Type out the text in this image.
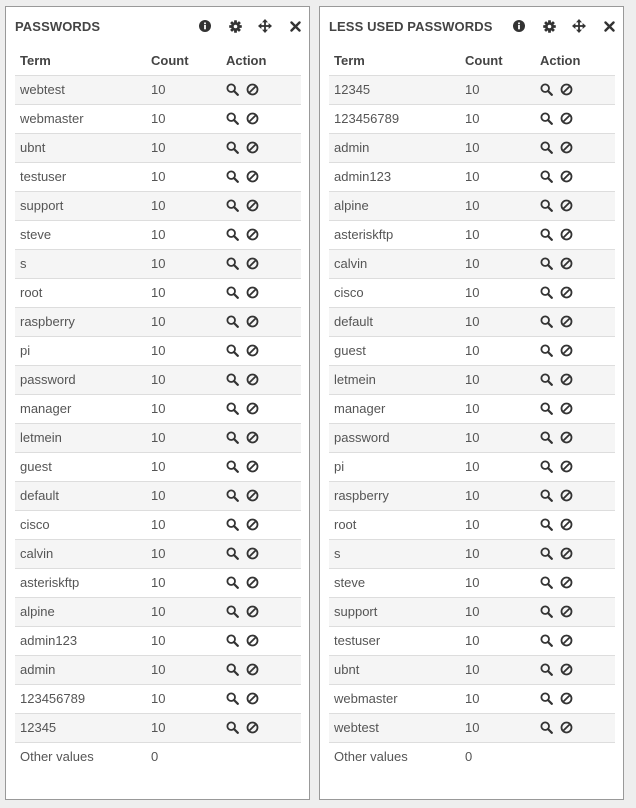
PASSWORDS
Term	Count	Action
webtest	10	

webmaster	10	

ubnt	10	

testuser	10	

support	10	

steve	10	

s	10	

root	10	

raspberry	10	

pi	10	

password	10	

manager	10	

letmein	10	

guest	10	

default	10	

cisco	10	

calvin	10	

asteriskftp	10	

alpine	10	

admin123	10	

admin	10	

123456789	10	

12345	10	

Other values	0	
LESS USED PASSWORDS
Term	Count	Action
12345	10	

123456789	10	

admin	10	

admin123	10	

alpine	10	

asteriskftp	10	

calvin	10	

cisco	10	

default	10	

guest	10	

letmein	10	

manager	10	

password	10	

pi	10	

raspberry	10	

root	10	

s	10	

steve	10	

support	10	

testuser	10	

ubnt	10	

webmaster	10	

webtest	10	

Other values	0	
